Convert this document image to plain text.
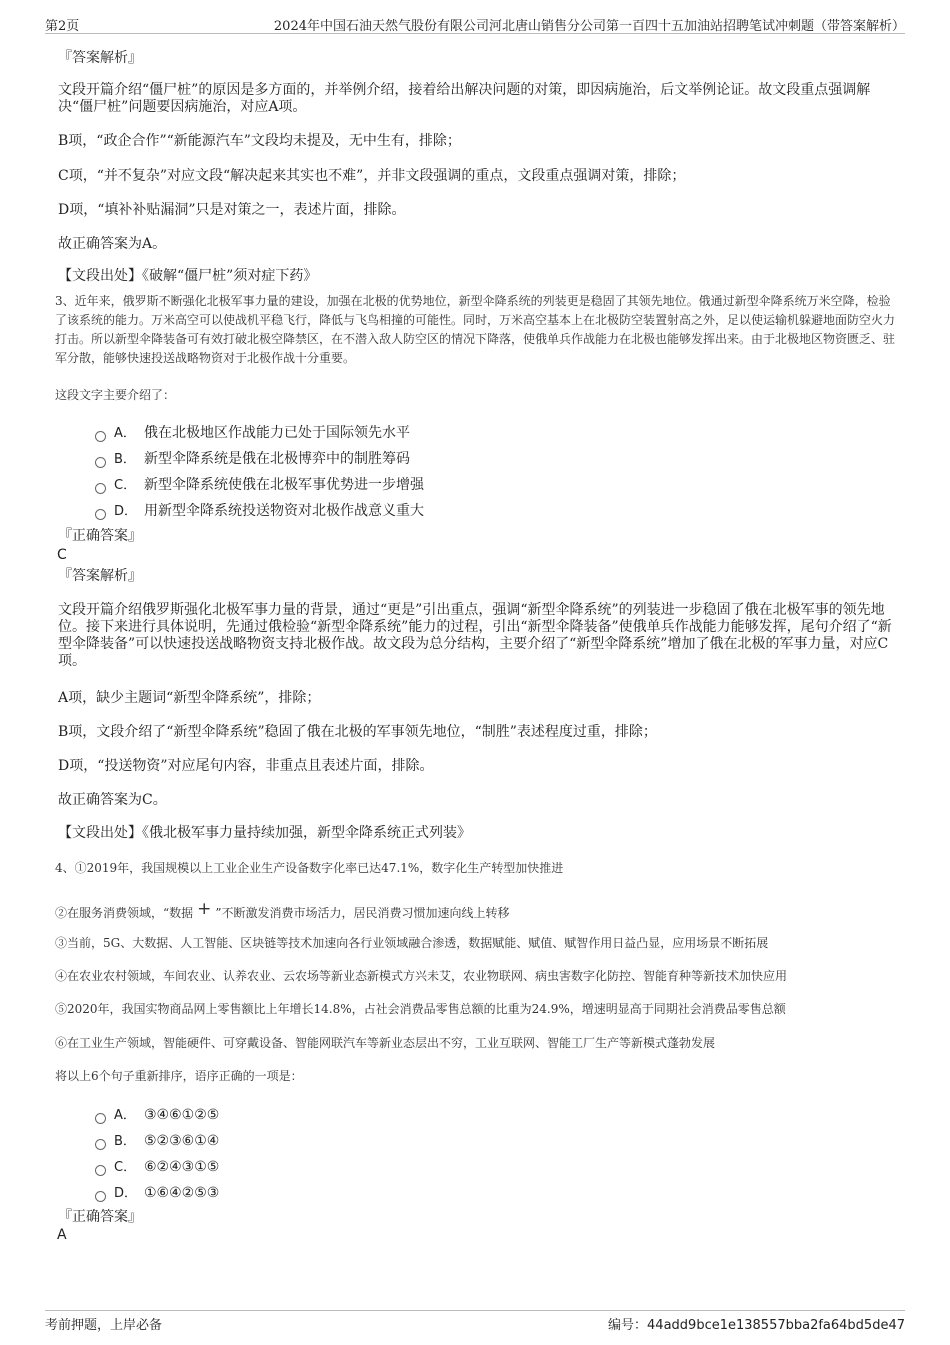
第2页	2024年中国石油天然气股份有限公司河北唐山销售分公司第一百四十五加油站招聘笔试冲刺题（带答案解析）
『答案解析』
文段开篇介绍“僵尸桩”的原因是多方面的，并举例介绍，接着给出解决问题的对策，即因病施治，后文举例论证。故文段重点强调解决“僵尸桩”问题要因病施治，对应A项。
B项，“政企合作”“新能源汽车”文段均未提及，无中生有，排除；
C项，“并不复杂”对应文段“解决起来其实也不难”，并非文段强调的重点，文段重点强调对策，排除；
D项，“填补补贴漏洞”只是对策之一，表述片面，排除。
故正确答案为A。
【文段出处】《破解“僵尸桩”须对症下药》
3、近年来，俄罗斯不断强化北极军事力量的建设，加强在北极的优势地位，新型伞降系统的列装更是稳固了其领先地位。俄通过新型伞降系统万米空降，检验了该系统的能力。万米高空可以使战机平稳飞行，降低与飞鸟相撞的可能性。同时，万米高空基本上在北极防空装置射高之外，足以使运输机躲避地面防空火力打击。所以新型伞降装备可有效打破北极空降禁区，在不潜入敌人防空区的情况下降落，使俄单兵作战能力在北极也能够发挥出来。由于北极地区物资匮乏、驻军分散，能够快速投送战略物资对于北极作战十分重要。
这段文字主要介绍了：
A． 俄在北极地区作战能力已处于国际领先水平
B． 新型伞降系统是俄在北极博弈中的制胜筹码
C． 新型伞降系统使俄在北极军事优势进一步增强
D． 用新型伞降系统投送物资对北极作战意义重大
『正确答案』
C
『答案解析』
文段开篇介绍俄罗斯强化北极军事力量的背景，通过“更是”引出重点，强调“新型伞降系统”的列装进一步稳固了俄在北极军事的领先地位。接下来进行具体说明，先通过俄检验“新型伞降系统”能力的过程，引出“新型伞降装备”使俄单兵作战能力能够发挥，尾句介绍了“新型伞降装备”可以快速投送战略物资支持北极作战。故文段为总分结构，主要介绍了“新型伞降系统”增加了俄在北极的军事力量，对应C项。
A项，缺少主题词“新型伞降系统”，排除；
B项，文段介绍了“新型伞降系统”稳固了俄在北极的军事领先地位，“制胜”表述程度过重，排除；
D项，“投送物资”对应尾句内容，非重点且表述片面，排除。
故正确答案为C。
【文段出处】《俄北极军事力量持续加强，新型伞降系统正式列装》
4、①2019年，我国规模以上工业企业生产设备数字化率已达47.1%，数字化生产转型加快推进
②在服务消费领域，“数据 + ”不断激发消费市场活力，居民消费习惯加速向线上转移
③当前，5G、大数据、人工智能、区块链等技术加速向各行业领域融合渗透，数据赋能、赋值、赋智作用日益凸显，应用场景不断拓展
④在农业农村领域，车间农业、认养农业、云农场等新业态新模式方兴未艾，农业物联网、病虫害数字化防控、智能育种等新技术加快应用
⑤2020年，我国实物商品网上零售额比上年增长14.8%，占社会消费品零售总额的比重为24.9%，增速明显高于同期社会消费品零售总额
⑥在工业生产领域，智能硬件、可穿戴设备、智能网联汽车等新业态层出不穷，工业互联网、智能工厂生产等新模式蓬勃发展
将以上6个句子重新排序，语序正确的一项是：
A． ③④⑥①②⑤
B． ⑤②③⑥①④
C． ⑥②④③①⑤
D． ①⑥④②⑤③
『正确答案』
A
考前押题，上岸必备	编号：44add9bce1e138557bba2fa64bd5de47
